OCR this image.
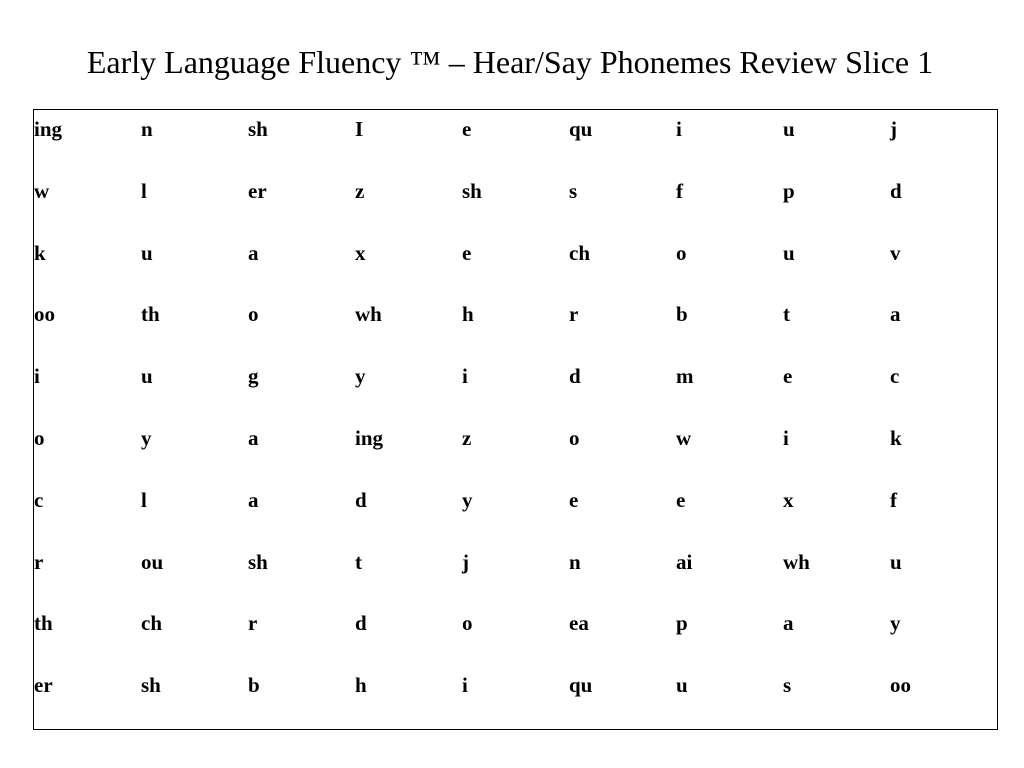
Early Language Fluency ™ – Hear/Say Phonemes Review Slice 1
ing	n	sh	I	e	qu	i	u	j
w	l	er	z	sh	s	f	p	d
k	u	a	x	e	ch	o	u	v
oo	th	o	wh	h	r	b	t	a
i	u	g	y	i	d	m	e	c
o	y	a	ing	z	o	w	i	k
c	l	a	d	y	e	e	x	f
r	ou	sh	t	j	n	ai	wh	u
th	ch	r	d	o	ea	p	a	y
er	sh	b	h	i	qu	u	s	oo
